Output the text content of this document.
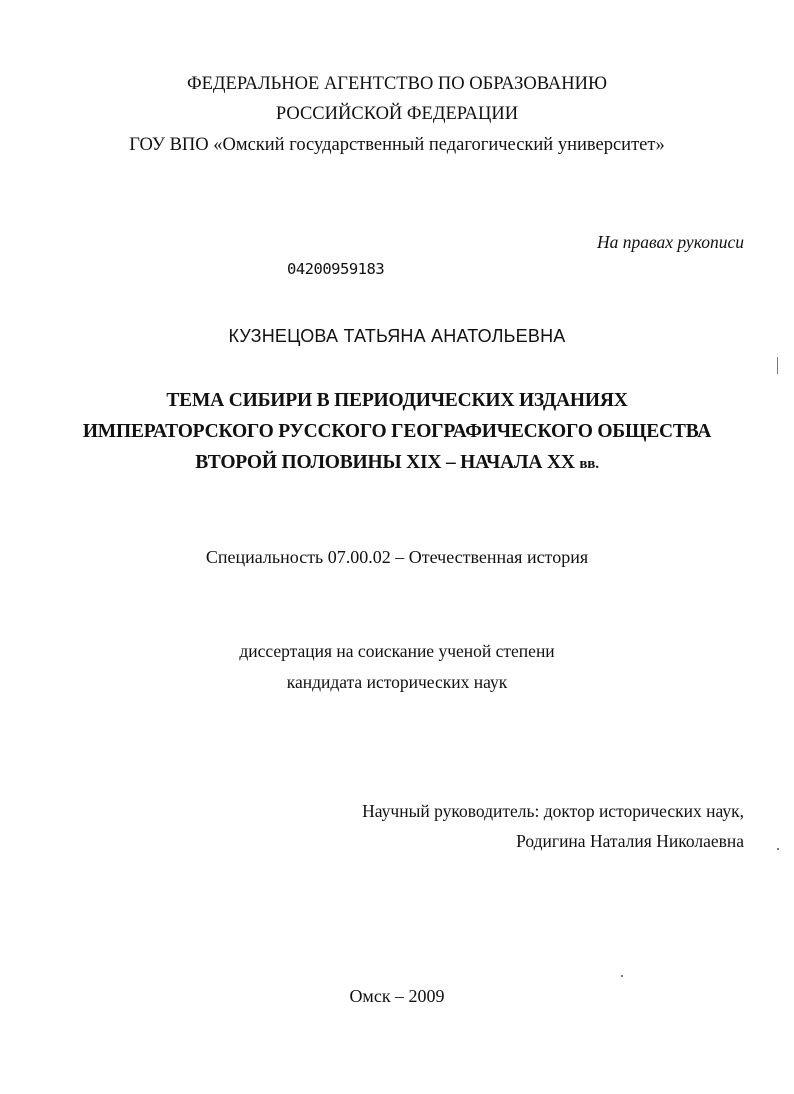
ФЕДЕРАЛЬНОЕ АГЕНТСТВО ПО ОБРАЗОВАНИЮ
РОССИЙСКОЙ ФЕДЕРАЦИИ
ГОУ ВПО «Омский государственный педагогический университет»
На правах рукописи
04200959183
КУЗНЕЦОВА ТАТЬЯНА АНАТОЛЬЕВНА
ТЕМА СИБИРИ В ПЕРИОДИЧЕСКИХ ИЗДАНИЯХ
ИМПЕРАТОРСКОГО РУССКОГО ГЕОГРАФИЧЕСКОГО ОБЩЕСТВА
ВТОРОЙ ПОЛОВИНЫ XIX – НАЧАЛА XX вв.
Специальность 07.00.02 – Отечественная история
диссертация на соискание ученой степени
кандидата исторических наук
Научный руководитель: доктор исторических наук,
Родигина Наталия Николаевна
Омск – 2009
